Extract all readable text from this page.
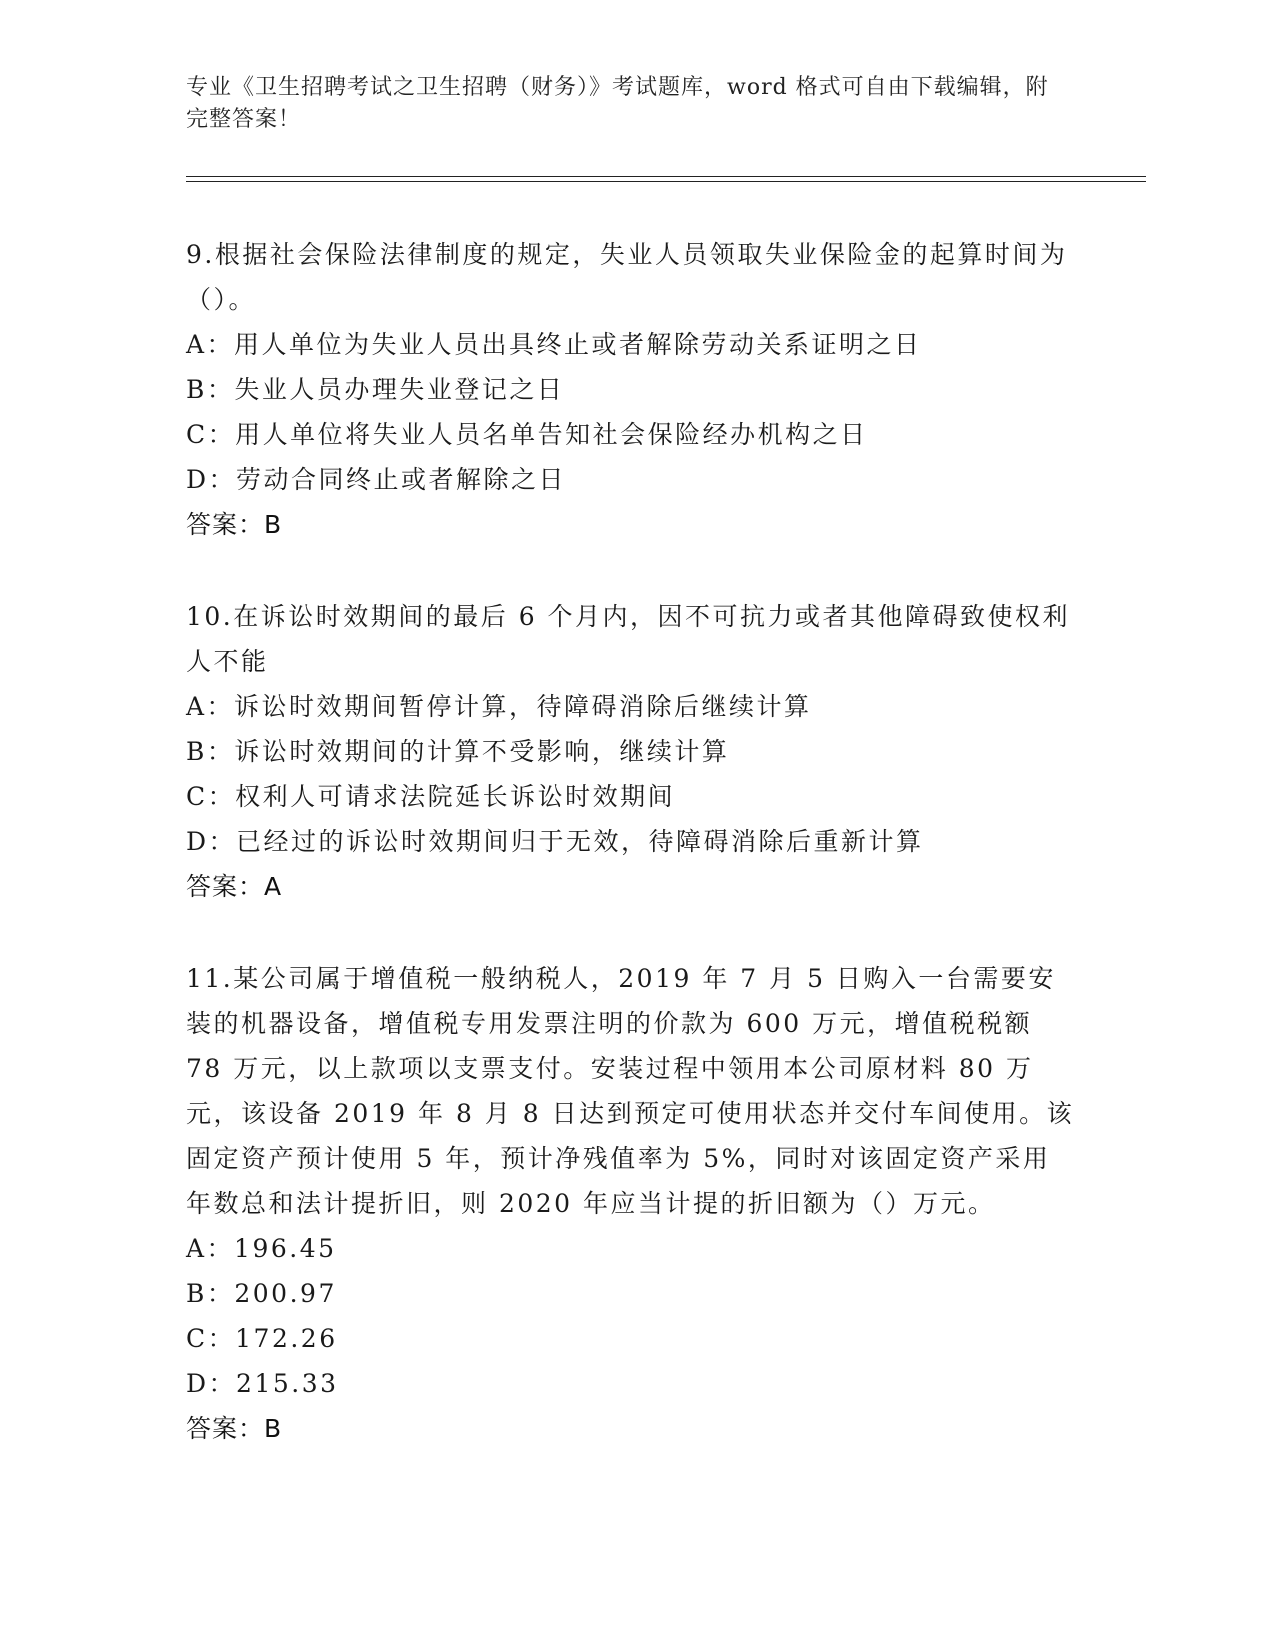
专业《卫生招聘考试之卫生招聘（财务）》考试题库，word 格式可自由下载编辑，附完整答案！

9.根据社会保险法律制度的规定，失业人员领取失业保险金的起算时间为（）。

A：用人单位为失业人员出具终止或者解除劳动关系证明之日

B：失业人员办理失业登记之日

C：用人单位将失业人员名单告知社会保险经办机构之日

D：劳动合同终止或者解除之日

答案：B

10.在诉讼时效期间的最后 6 个月内，因不可抗力或者其他障碍致使权利人不能

A：诉讼时效期间暂停计算，待障碍消除后继续计算

B：诉讼时效期间的计算不受影响，继续计算

C：权利人可请求法院延长诉讼时效期间

D：已经过的诉讼时效期间归于无效，待障碍消除后重新计算

答案：A

11.某公司属于增值税一般纳税人，2019 年 7 月 5 日购入一台需要安装的机器设备，增值税专用发票注明的价款为 600 万元，增值税税额 78 万元，以上款项以支票支付。安装过程中领用本公司原材料 80 万元，该设备 2019 年 8 月 8 日达到预定可使用状态并交付车间使用。该固定资产预计使用 5 年，预计净残值率为 5%，同时对该固定资产采用年数总和法计提折旧，则 2020 年应当计提的折旧额为（）万元。

A：196.45

B：200.97

C：172.26

D：215.33

答案：B
